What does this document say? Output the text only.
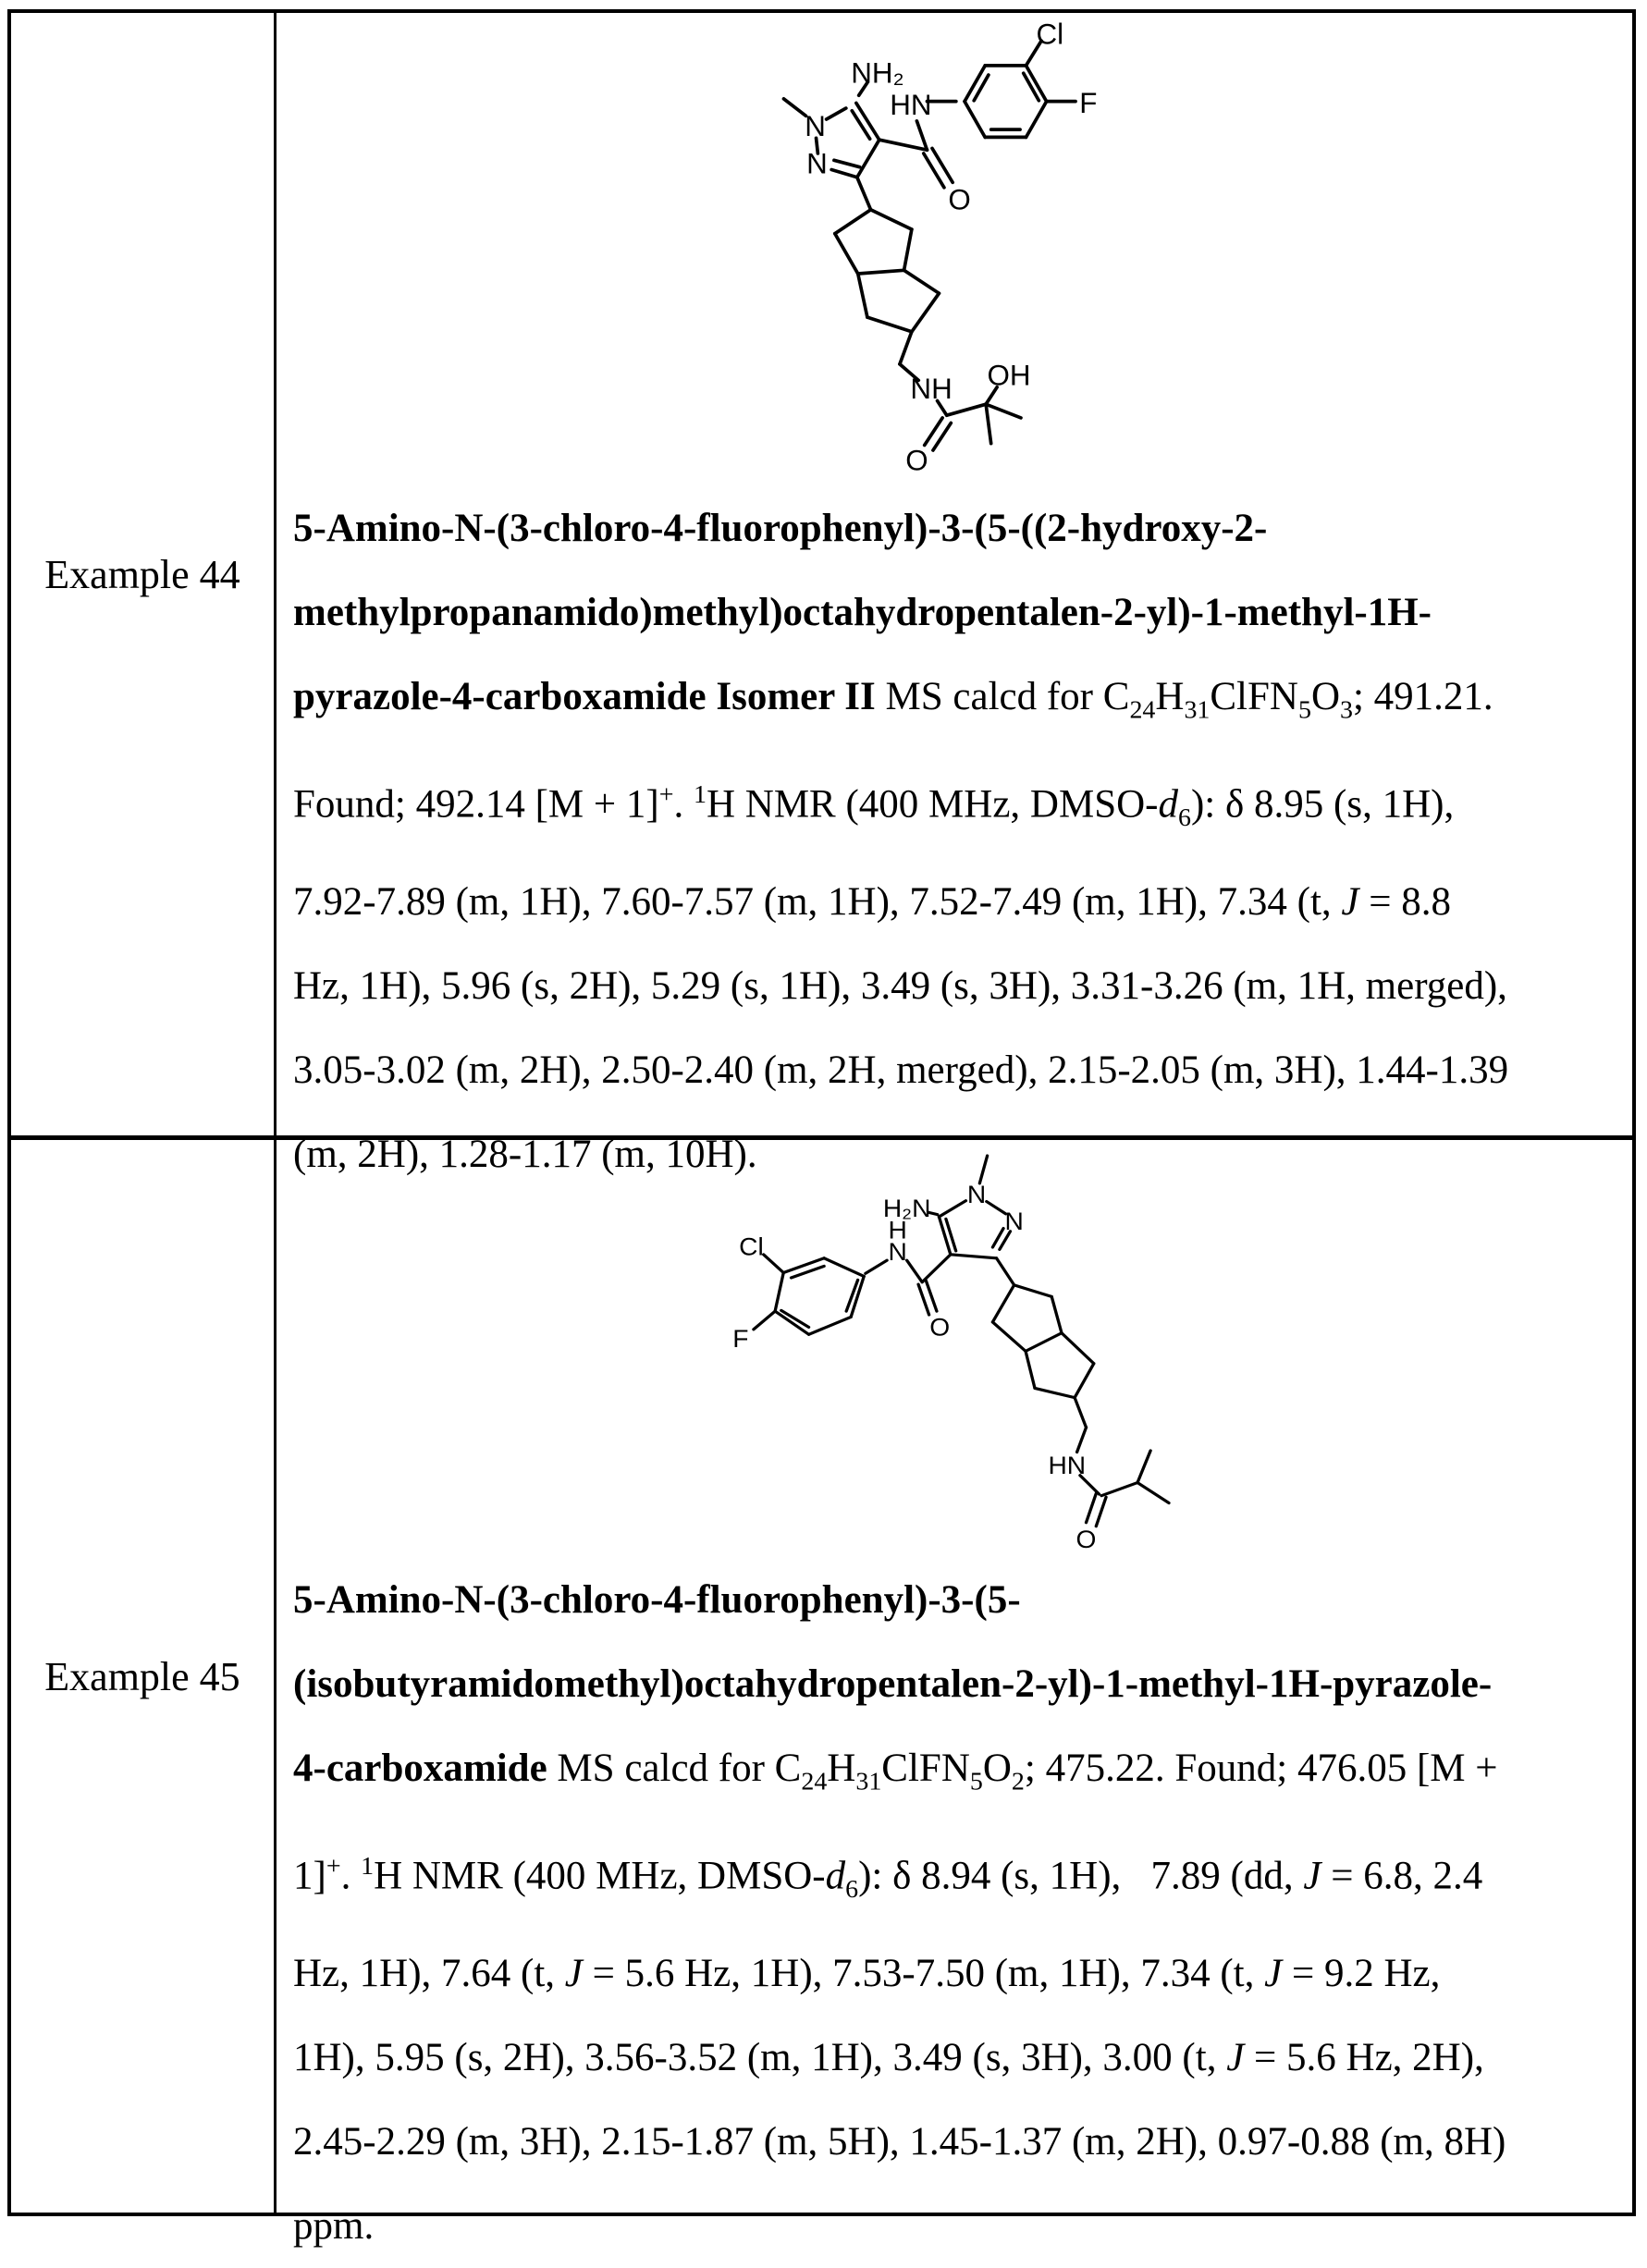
Example 44
N
N
NH₂
HN
O
Cl
F
NH
O
OH
5-Amino-N-(3-chloro-4-fluorophenyl)-3-(5-((2-hydroxy-2-
methylpropanamido)methyl)octahydropentalen-2-yl)-1-methyl-1H-
pyrazole-4-carboxamide Isomer II MS calcd for $C_{24}H_{31}ClFN_5O_3$; 491.21.
Found; 492.14 [M + 1]+. $^1$H NMR (400 MHz, DMSO-$d_6$): δ 8.95 (s, 1H),
7.92-7.89 (m, 1H), 7.60-7.57 (m, 1H), 7.52-7.49 (m, 1H), 7.34 (t, J = 8.8
Hz, 1H), 5.96 (s, 2H), 5.29 (s, 1H), 3.49 (s, 3H), 3.31-3.26 (m, 1H, merged),
3.05-3.02 (m, 2H), 2.50-2.40 (m, 2H, merged), 2.15-2.05 (m, 3H), 1.44-1.39
(m, 2H), 1.28-1.17 (m, 10H).
Example 45
N
N
H₂N
H
N
Cl
F	O
HN
O
5-Amino-N-(3-chloro-4-fluorophenyl)-3-(5-
(isobutyramidomethyl)octahydropentalen-2-yl)-1-methyl-1H-pyrazole-
4-carboxamide MS calcd for $C_{24}H_{31}ClFN_5O_2$; 475.22. Found; 476.05 [M +
1]+. $^1$H NMR (400 MHz, DMSO-$d_6$): δ 8.94 (s, 1H),   7.89 (dd, J = 6.8, 2.4
Hz, 1H), 7.64 (t, J = 5.6 Hz, 1H), 7.53-7.50 (m, 1H), 7.34 (t, J = 9.2 Hz,
1H), 5.95 (s, 2H), 3.56-3.52 (m, 1H), 3.49 (s, 3H), 3.00 (t, J = 5.6 Hz, 2H),
2.45-2.29 (m, 3H), 2.15-1.87 (m, 5H), 1.45-1.37 (m, 2H), 0.97-0.88 (m, 8H)
ppm.
